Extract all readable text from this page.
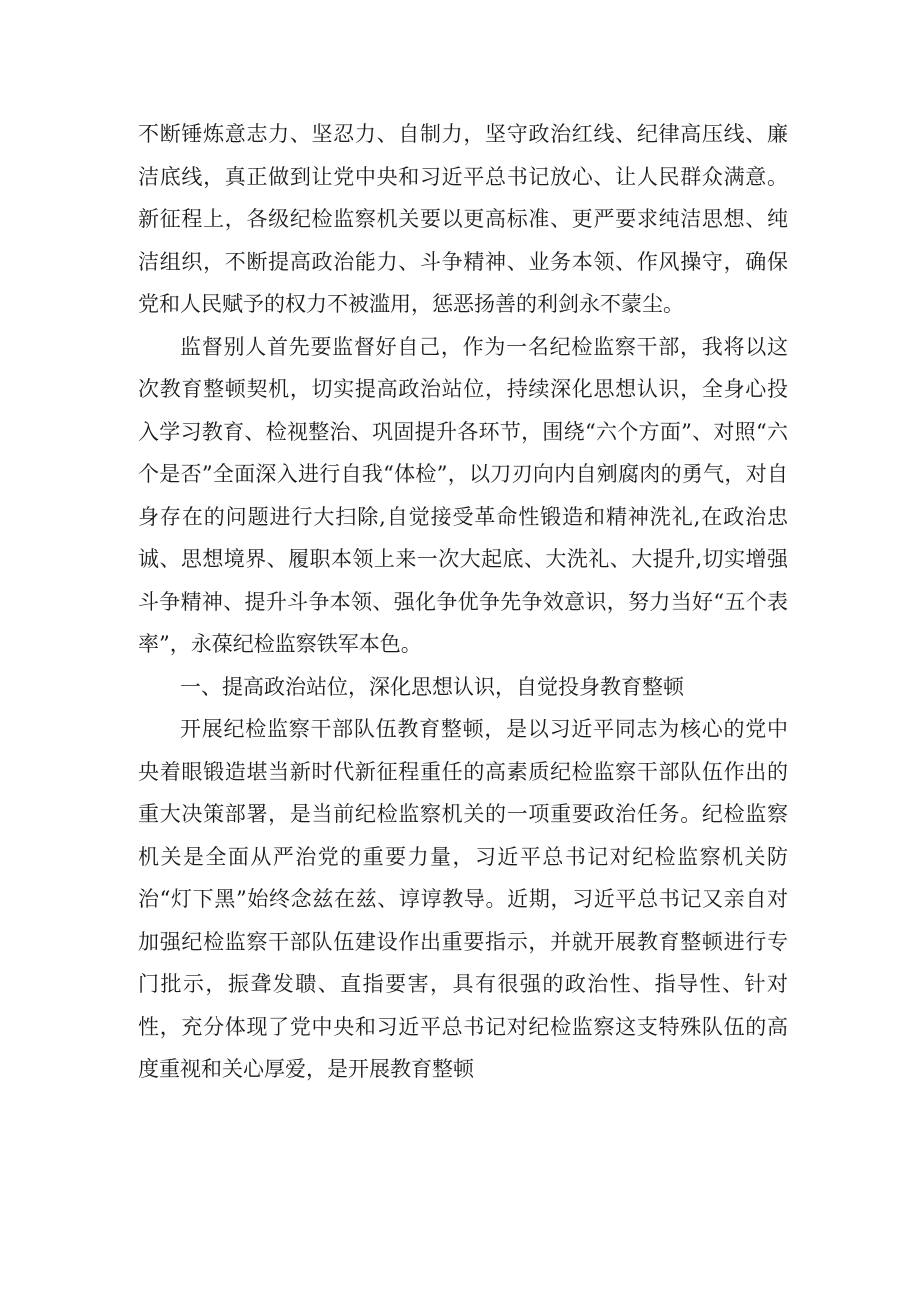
不断锤炼意志力、坚忍力、自制力，坚守政治红线、纪律高压线、廉洁底线，真正做到让党中央和习近平总书记放心、让人民群众满意。新征程上，各级纪检监察机关要以更高标准、更严要求纯洁思想、纯洁组织，不断提高政治能力、斗争精神、业务本领、作风操守，确保党和人民赋予的权力不被滥用，惩恶扬善的利剑永不蒙尘。

监督别人首先要监督好自己，作为一名纪检监察干部，我将以这次教育整顿契机，切实提高政治站位，持续深化思想认识，全身心投入学习教育、检视整治、巩固提升各环节，围绕“六个方面”、对照“六个是否”全面深入进行自我“体检”，以刀刃向内自剜腐肉的勇气，对自身存在的问题进行大扫除,自觉接受革命性锻造和精神洗礼,在政治忠诚、思想境界、履职本领上来一次大起底、大洗礼、大提升,切实增强斗争精神、提升斗争本领、强化争优争先争效意识，努力当好“五个表率”，永葆纪检监察铁军本色。

一、提高政治站位，深化思想认识，自觉投身教育整顿

开展纪检监察干部队伍教育整顿，是以习近平同志为核心的党中央着眼锻造堪当新时代新征程重任的高素质纪检监察干部队伍作出的重大决策部署，是当前纪检监察机关的一项重要政治任务。纪检监察机关是全面从严治党的重要力量，习近平总书记对纪检监察机关防治“灯下黑”始终念兹在兹、谆谆教导。近期，习近平总书记又亲自对加强纪检监察干部队伍建设作出重要指示，并就开展教育整顿进行专门批示，振聋发聩、直指要害，具有很强的政治性、指导性、针对性，充分体现了党中央和习近平总书记对纪检监察这支特殊队伍的高度重视和关心厚爱，是开展教育整顿
